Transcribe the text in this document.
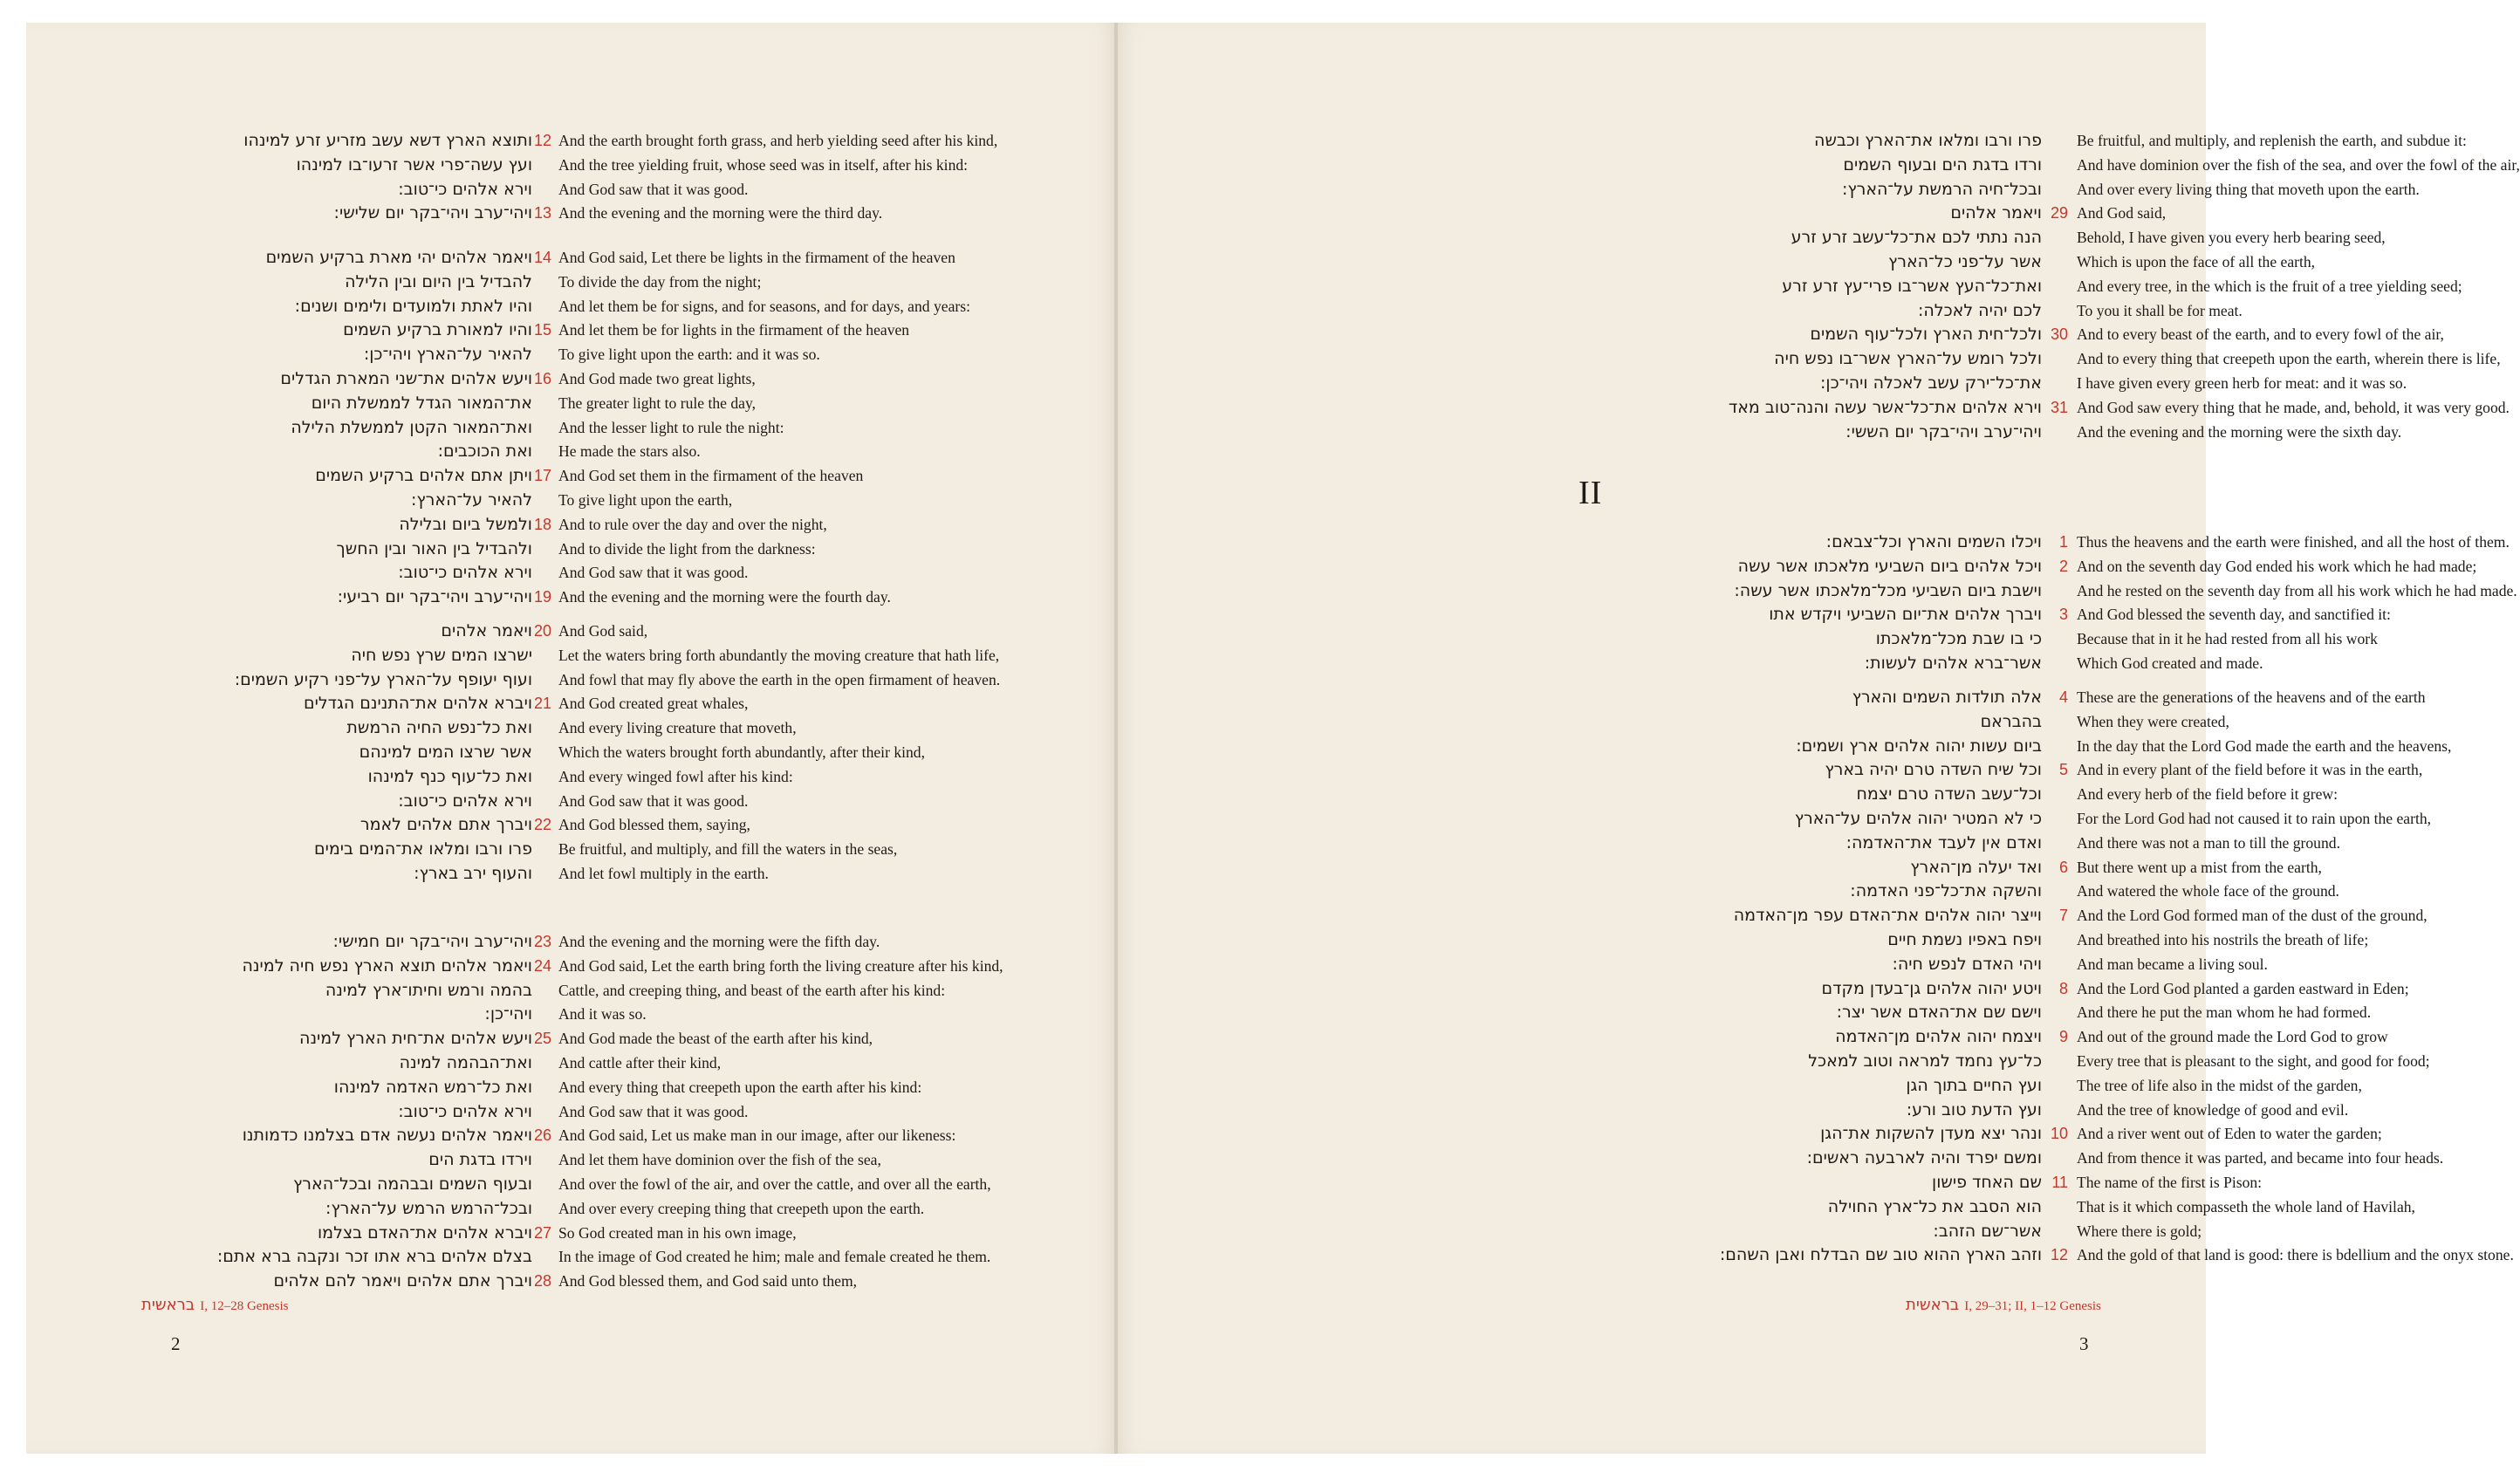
בראשית I, 12–28 Genesis
2
ותוצא הארץ דשא עשב מזריע זרע למינהו 12 And the earth brought forth grass, and herb yielding seed after his kind,
ועץ עשה־פרי אשר זרעו־בו למינהו And the tree yielding fruit, whose seed was in itself, after his kind:
וירא אלהים כי־טוב: And God saw that it was good.
ויהי־ערב ויהי־בקר יום שלישי: 13 And the evening and the morning were the third day.
ויאמר אלהים יהי מארת ברקיע השמים 14 And God said, Let there be lights in the firmament of the heaven
להבדיל בין היום ובין הלילה To divide the day from the night;
והיו לאתת ולמועדים ולימים ושנים: And let them be for signs, and for seasons, and for days, and years:
והיו למאורת ברקיע השמים 15 And let them be for lights in the firmament of the heaven
להאיר על־הארץ ויהי־כן: To give light upon the earth: and it was so.
ויעש אלהים את־שני המארת הגדלים 16 And God made two great lights,
את־המאור הגדל לממשלת היום The greater light to rule the day,
ואת־המאור הקטן לממשלת הלילה And the lesser light to rule the night:
ואת הכוכבים: He made the stars also.
ויתן אתם אלהים ברקיע השמים 17 And God set them in the firmament of the heaven
להאיר על־הארץ: To give light upon the earth,
ולמשל ביום ובלילה 18 And to rule over the day and over the night,
ולהבדיל בין האור ובין החשך And to divide the light from the darkness:
וירא אלהים כי־טוב: And God saw that it was good.
ויהי־ערב ויהי־בקר יום רביעי: 19 And the evening and the morning were the fourth day.
ויאמר אלהים 20 And God said,
ישרצו המים שרץ נפש חיה Let the waters bring forth abundantly the moving creature that hath life,
ועוף יעופף על־הארץ על־פני רקיע השמים: And fowl that may fly above the earth in the open firmament of heaven.
ויברא אלהים את־התנינם הגדלים 21 And God created great whales,
ואת כל־נפש החיה הרמשת And every living creature that moveth,
אשר שרצו המים למינהם Which the waters brought forth abundantly, after their kind,
ואת כל־עוף כנף למינהו And every winged fowl after his kind:
וירא אלהים כי־טוב: And God saw that it was good.
ויברך אתם אלהים לאמר 22 And God blessed them, saying,
פרו ורבו ומלאו את־המים בימים Be fruitful, and multiply, and fill the waters in the seas,
והעוף ירב בארץ: And let fowl multiply in the earth.
ויהי־ערב ויהי־בקר יום חמישי: 23 And the evening and the morning were the fifth day.
ויאמר אלהים תוצא הארץ נפש חיה למינה 24 And God said, Let the earth bring forth the living creature after his kind,
בהמה ורמש וחיתו־ארץ למינה Cattle, and creeping thing, and beast of the earth after his kind:
ויהי־כן: And it was so.
ויעש אלהים את־חית הארץ למינה 25 And God made the beast of the earth after his kind,
ואת־הבהמה למינה And cattle after their kind,
ואת כל־רמש האדמה למינהו And every thing that creepeth upon the earth after his kind:
וירא אלהים כי־טוב: And God saw that it was good.
ויאמר אלהים נעשה אדם בצלמנו כדמותנו 26 And God said, Let us make man in our image, after our likeness:
וירדו בדגת הים And let them have dominion over the fish of the sea,
ובעוף השמים ובבהמה ובכל־הארץ And over the fowl of the air, and over the cattle, and over all the earth,
ובכל־הרמש הרמש על־הארץ: And over every creeping thing that creepeth upon the earth.
ויברא אלהים את־האדם בצלמו 27 So God created man in his own image,
בצלם אלהים ברא אתו זכר ונקבה ברא אתם: In the image of God created he him; male and female created he them.
ויברך אתם אלהים ויאמר להם אלהים 28 And God blessed them, and God said unto them,
II
בראשית I, 29–31; II, 1–12 Genesis
3
פרו ורבו ומלאו את־הארץ וכבשה Be fruitful, and multiply, and replenish the earth, and subdue it:
ורדו בדגת הים ובעוף השמים And have dominion over the fish of the sea, and over the fowl of the air,
ובכל־חיה הרמשת על־הארץ: And over every living thing that moveth upon the earth.
ויאמר אלהים 29 And God said,
הנה נתתי לכם את־כל־עשב זרע זרע Behold, I have given you every herb bearing seed,
אשר על־פני כל־הארץ Which is upon the face of all the earth,
ואת־כל־העץ אשר־בו פרי־עץ זרע זרע And every tree, in the which is the fruit of a tree yielding seed;
לכם יהיה לאכלה: To you it shall be for meat.
ולכל־חית הארץ ולכל־עוף השמים 30 And to every beast of the earth, and to every fowl of the air,
ולכל רומש על־הארץ אשר־בו נפש חיה And to every thing that creepeth upon the earth, wherein there is life,
את־כל־ירק עשב לאכלה ויהי־כן: I have given every green herb for meat: and it was so.
וירא אלהים את־כל־אשר עשה והנה־טוב מאד 31 And God saw every thing that he made, and, behold, it was very good.
ויהי־ערב ויהי־בקר יום הששי: And the evening and the morning were the sixth day.
ויכלו השמים והארץ וכל־צבאם:	1 Thus the heavens and the earth were finished, and all the host of them.
ויכל אלהים ביום השביעי מלאכתו אשר עשה	2 And on the seventh day God ended his work which he had made;
וישבת ביום השביעי מכל־מלאכתו אשר עשה: And he rested on the seventh day from all his work which he had made.
ויברך אלהים את־יום השביעי ויקדש אתו	3 And God blessed the seventh day, and sanctified it:
כי בו שבת מכל־מלאכתו Because that in it he had rested from all his work
אשר־ברא אלהים לעשות: Which God created and made.
אלה תולדות השמים והארץ	4 These are the generations of the heavens and of the earth
בהבראם When they were created,
ביום עשות יהוה אלהים ארץ ושמים: In the day that the Lord God made the earth and the heavens,
וכל שיח השדה טרם יהיה בארץ	5 And in every plant of the field before it was in the earth,
וכל־עשב השדה טרם יצמח And every herb of the field before it grew:
כי לא המטיר יהוה אלהים על־הארץ For the Lord God had not caused it to rain upon the earth,
ואדם אין לעבד את־האדמה: And there was not a man to till the ground.
ואד יעלה מן־הארץ	6 But there went up a mist from the earth,
והשקה את־כל־פני האדמה: And watered the whole face of the ground.
וייצר יהוה אלהים את־האדם עפר מן־האדמה	7 And the Lord God formed man of the dust of the ground,
ויפח באפיו נשמת חיים And breathed into his nostrils the breath of life;
ויהי האדם לנפש חיה: And man became a living soul.
ויטע יהוה אלהים גן־בעדן מקדם	8 And the Lord God planted a garden eastward in Eden;
וישם שם את־האדם אשר יצר: And there he put the man whom he had formed.
ויצמח יהוה אלהים מן־האדמה	9 And out of the ground made the Lord God to grow
כל־עץ נחמד למראה וטוב למאכל Every tree that is pleasant to the sight, and good for food;
ועץ החיים בתוך הגן The tree of life also in the midst of the garden,
ועץ הדעת טוב ורע: And the tree of knowledge of good and evil.
ונהר יצא מעדן להשקות את־הגן 10 And a river went out of Eden to water the garden;
ומשם יפרד והיה לארבעה ראשים: And from thence it was parted, and became into four heads.
שם האחד פישון 11 The name of the first is Pison:
הוא הסבב את כל־ארץ החוילה That is it which compasseth the whole land of Havilah,
אשר־שם הזהב: Where there is gold;
וזהב הארץ ההוא טוב שם הבדלח ואבן השהם: 12 And the gold of that land is good: there is bdellium and the onyx stone.
